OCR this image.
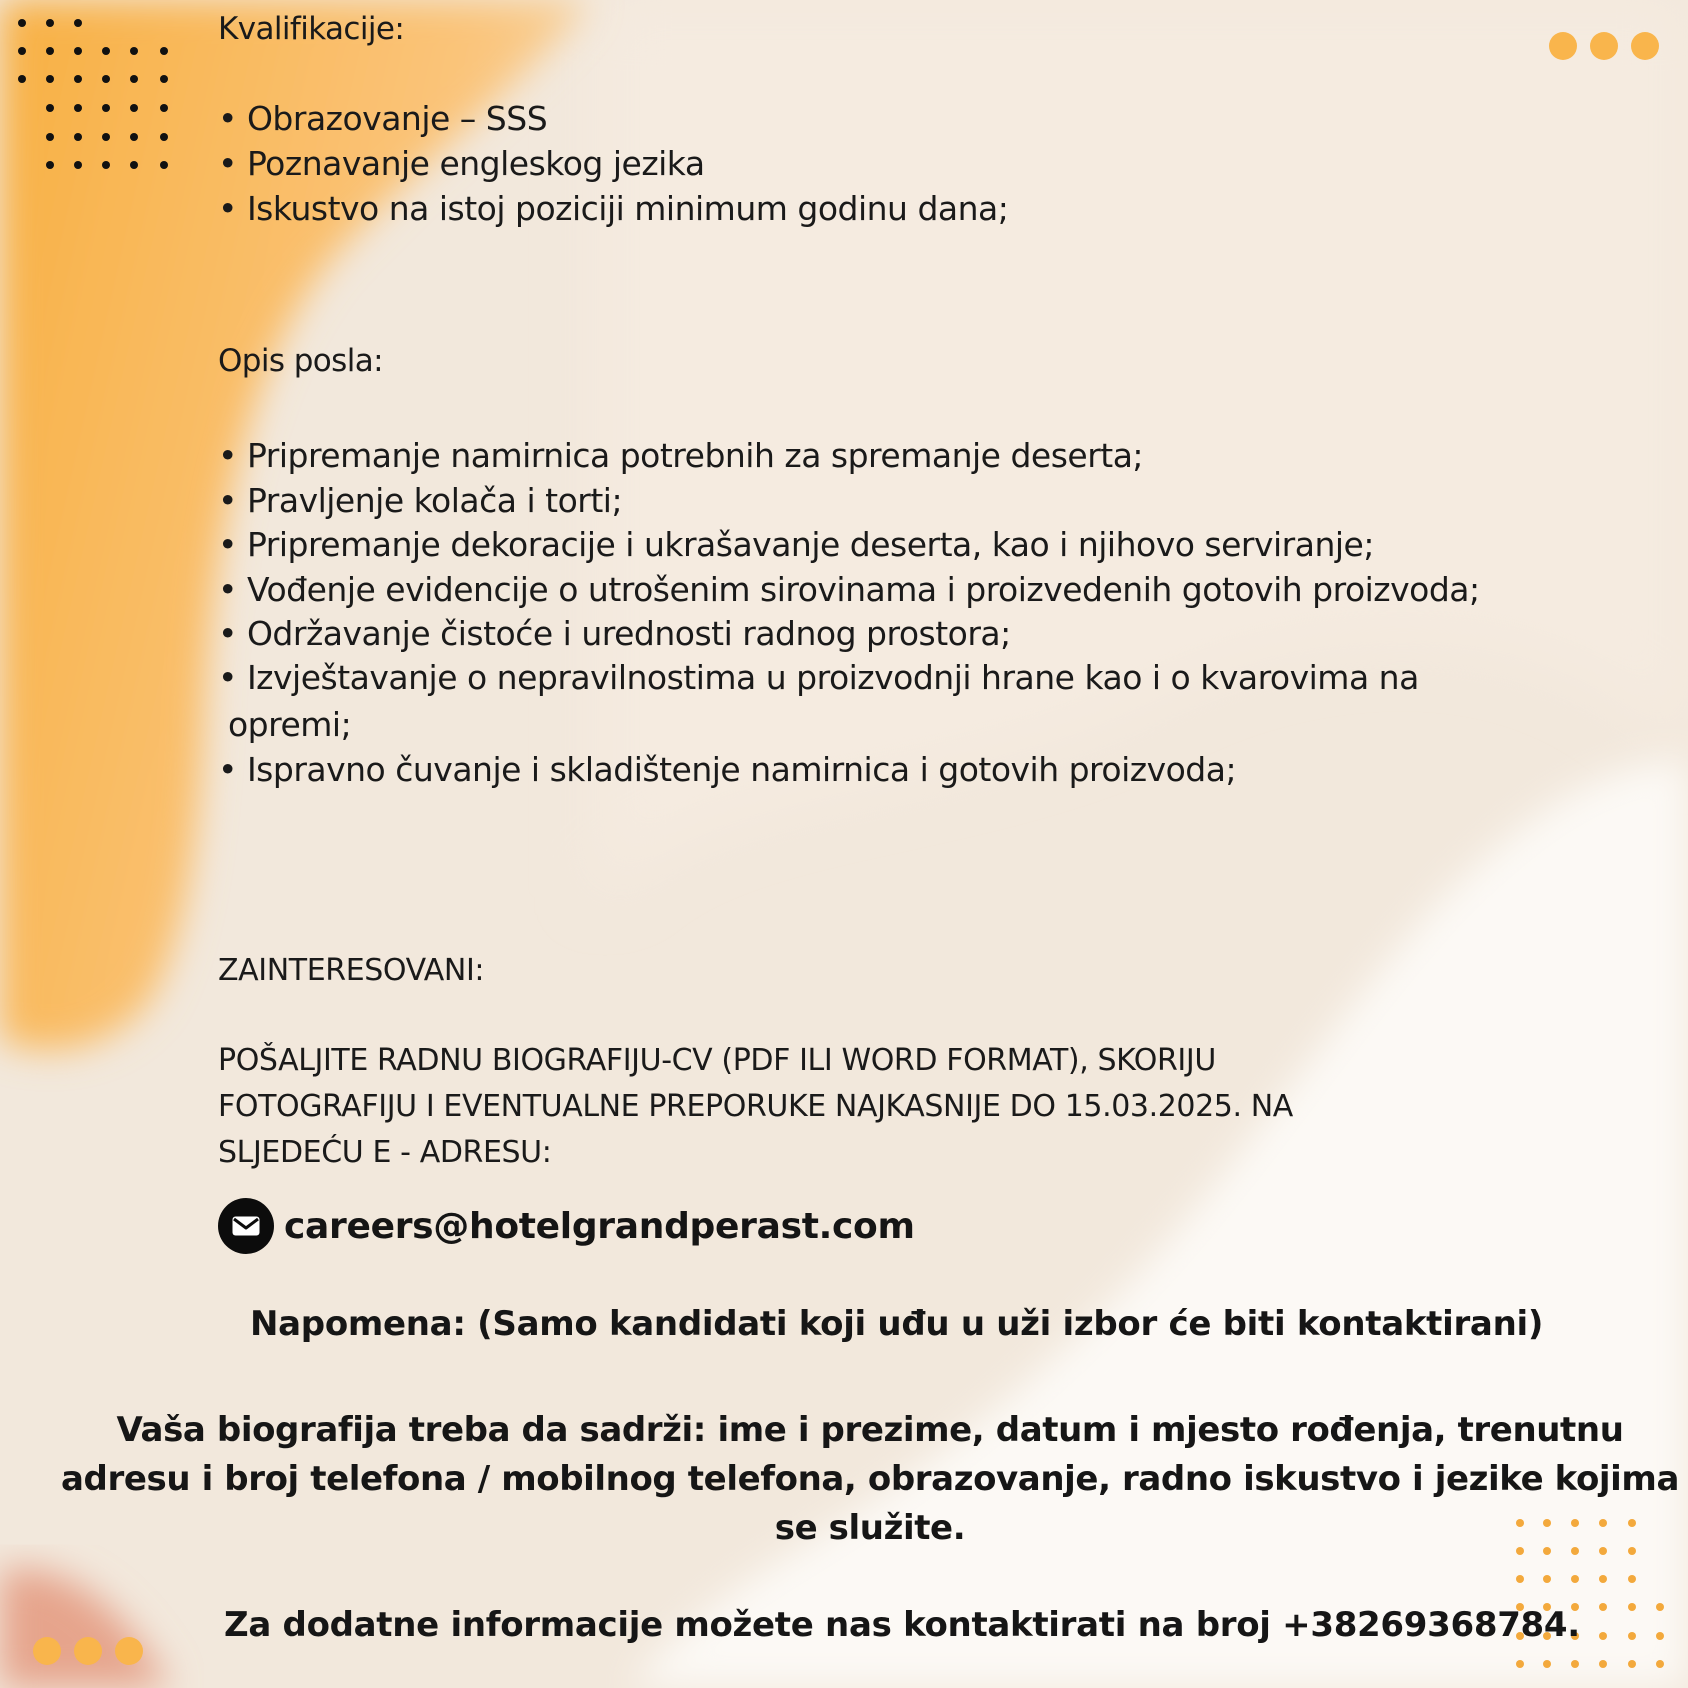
Kvalifikacije:
• Obrazovanje – SSS
• Poznavanje engleskog jezika
• Iskustvo na istoj poziciji minimum godinu dana;
Opis posla:
• Pripremanje namirnica potrebnih za spremanje deserta;
• Pravljenje kolača i torti;
• Pripremanje dekoracije i ukrašavanje deserta, kao i njihovo serviranje;
• Vođenje evidencije o utrošenim sirovinama i proizvedenih gotovih proizvoda;
• Održavanje čistoće i urednosti radnog prostora;
• Izvještavanje o nepravilnostima u proizvodnji hrane kao i o kvarovima na
opremi;
• Ispravno čuvanje i skladištenje namirnica i gotovih proizvoda;
ZAINTERESOVANI:
POŠALJITE RADNU BIOGRAFIJU-CV (PDF ILI WORD FORMAT), SKORIJU
FOTOGRAFIJU I EVENTUALNE PREPORUKE NAJKASNIJE DO 15.03.2025. NA
SLJEDEĆU E - ADRESU:
careers@hotelgrandperast.com
Napomena: (Samo kandidati koji uđu u uži izbor će biti kontaktirani)
Vaša biografija treba da sadrži: ime i prezime, datum i mjesto rođenja, trenutnu
adresu i broj telefona / mobilnog telefona, obrazovanje, radno iskustvo i jezike kojima
se služite.
Za dodatne informacije možete nas kontaktirati na broj +38269368784.
